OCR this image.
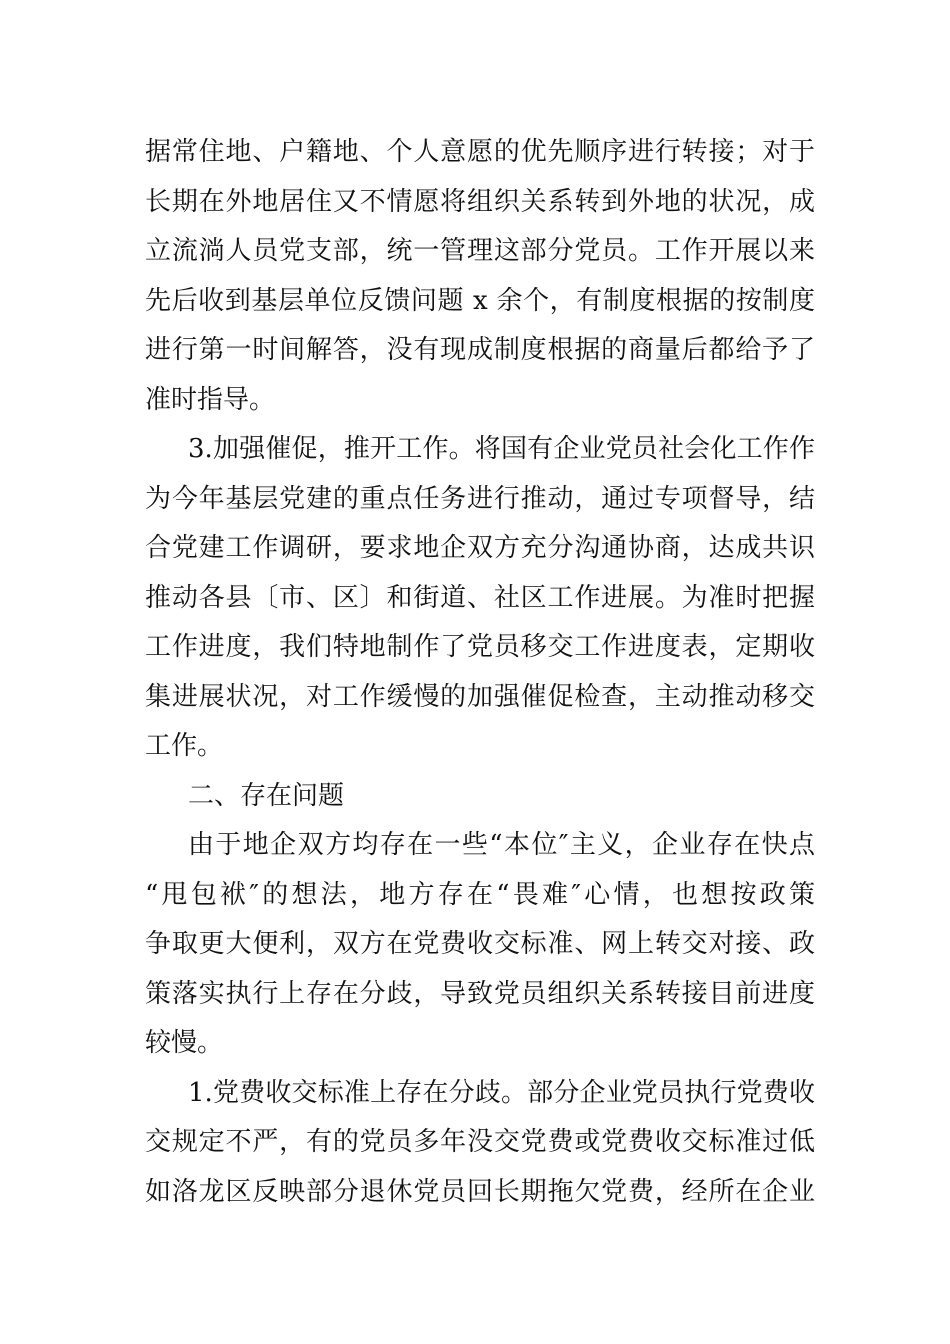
据常住地、户籍地、个人意愿的优先顺序进行转接；对于
长期在外地居住又不情愿将组织关系转到外地的状况，成
立流淌人员党支部，统一管理这部分党员。工作开展以来
先后收到基层单位反馈问题 x 余个，有制度根据的按制度
进行第一时间解答，没有现成制度根据的商量后都给予了
准时指导。
3.加强催促，推开工作。将国有企业党员社会化工作作
为今年基层党建的重点任务进行推动，通过专项督导，结
合党建工作调研，要求地企双方充分沟通协商，达成共识
推动各县〔市、区〕和街道、社区工作进展。为准时把握
工作进度，我们特地制作了党员移交工作进度表，定期收
集进展状况，对工作缓慢的加强催促检查，主动推动移交
工作。
二、存在问题
由于地企双方均存在一些“本位″主义，企业存在快点
“甩包袱″的想法，地方存在“畏难″心情，也想按政策
争取更大便利，双方在党费收交标准、网上转交对接、政
策落实执行上存在分歧，导致党员组织关系转接目前进度
较慢。
1.党费收交标准上存在分歧。部分企业党员执行党费收
交规定不严，有的党员多年没交党费或党费收交标准过低
如洛龙区反映部分退休党员回长期拖欠党费，经所在企业
